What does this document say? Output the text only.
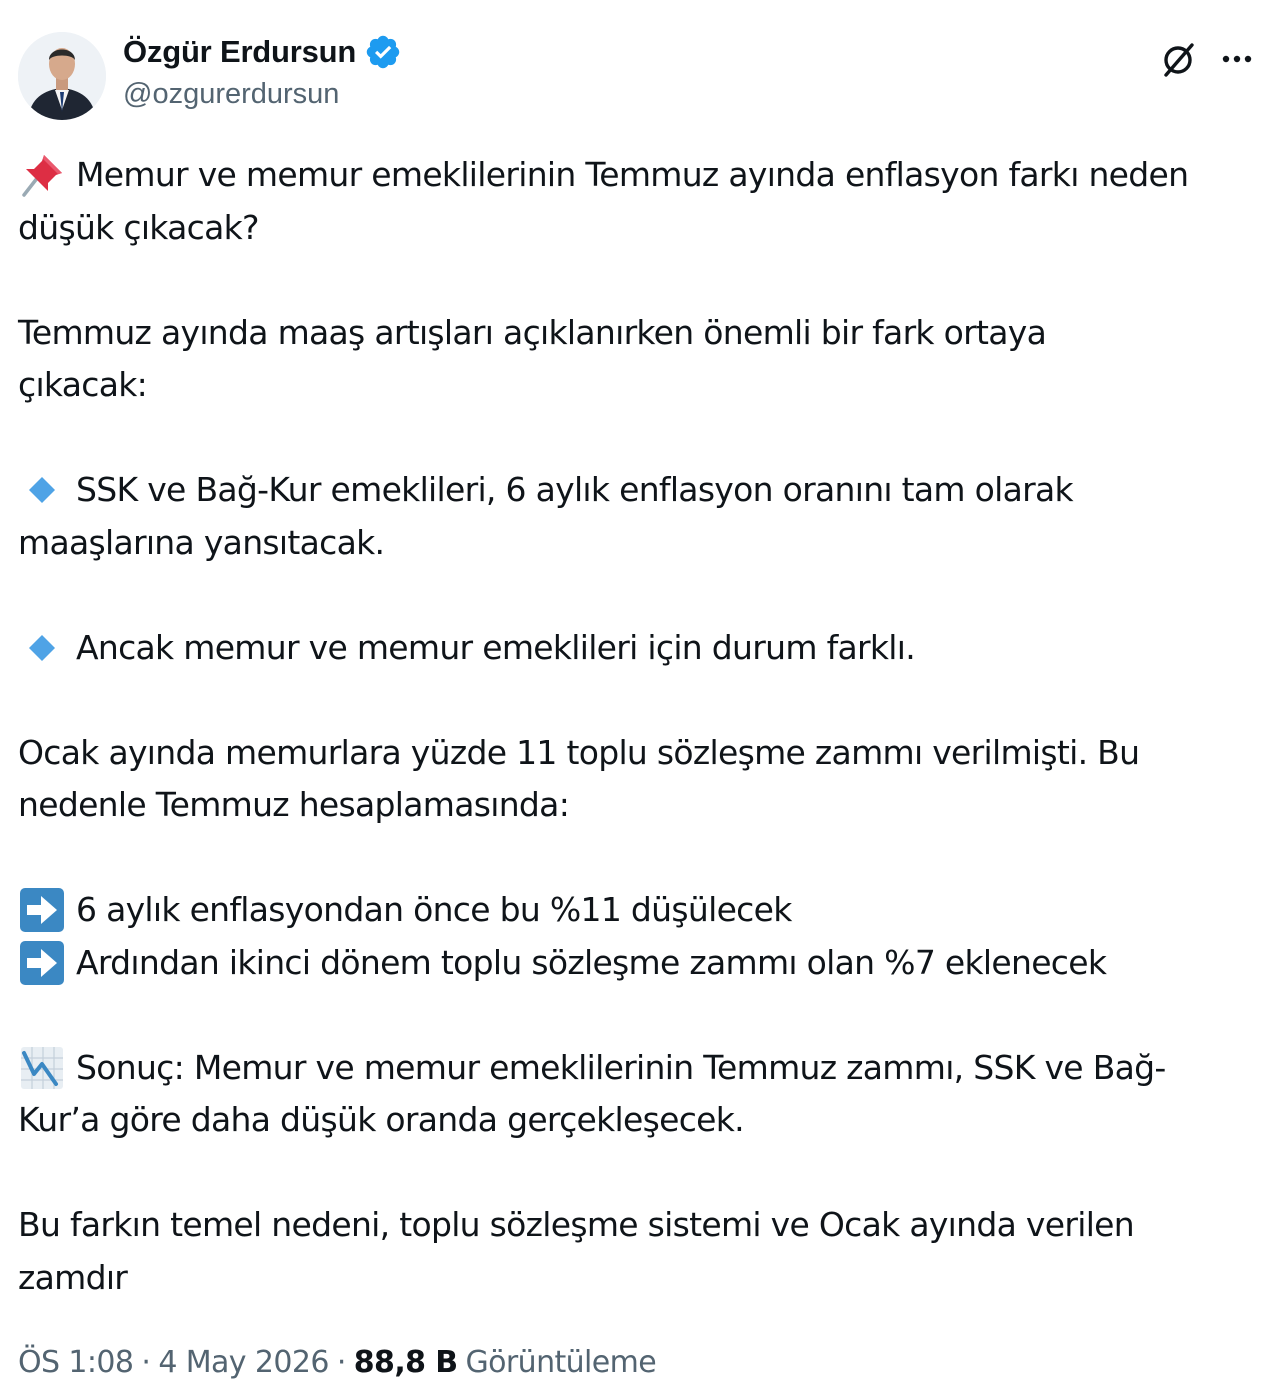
Özgür Erdursun
@ozgurerdursun
Memur ve memur emeklilerinin Temmuz ayında enflasyon farkı neden
düşük çıkacak?
Temmuz ayında maaş artışları açıklanırken önemli bir fark ortaya
çıkacak:
SSK ve Bağ-Kur emeklileri, 6 aylık enflasyon oranını tam olarak
maaşlarına yansıtacak.
Ancak memur ve memur emeklileri için durum farklı.
Ocak ayında memurlara yüzde 11 toplu sözleşme zammı verilmişti. Bu
nedenle Temmuz hesaplamasında:
6 aylık enflasyondan önce bu %11 düşülecek
Ardından ikinci dönem toplu sözleşme zammı olan %7 eklenecek
Sonuç: Memur ve memur emeklilerinin Temmuz zammı, SSK ve Bağ-
Kur’a göre daha düşük oranda gerçekleşecek.
Bu farkın temel nedeni, toplu sözleşme sistemi ve Ocak ayında verilen
zamdır
ÖS 1:08 · 4 May 2026 · 88,8 B Görüntüleme
